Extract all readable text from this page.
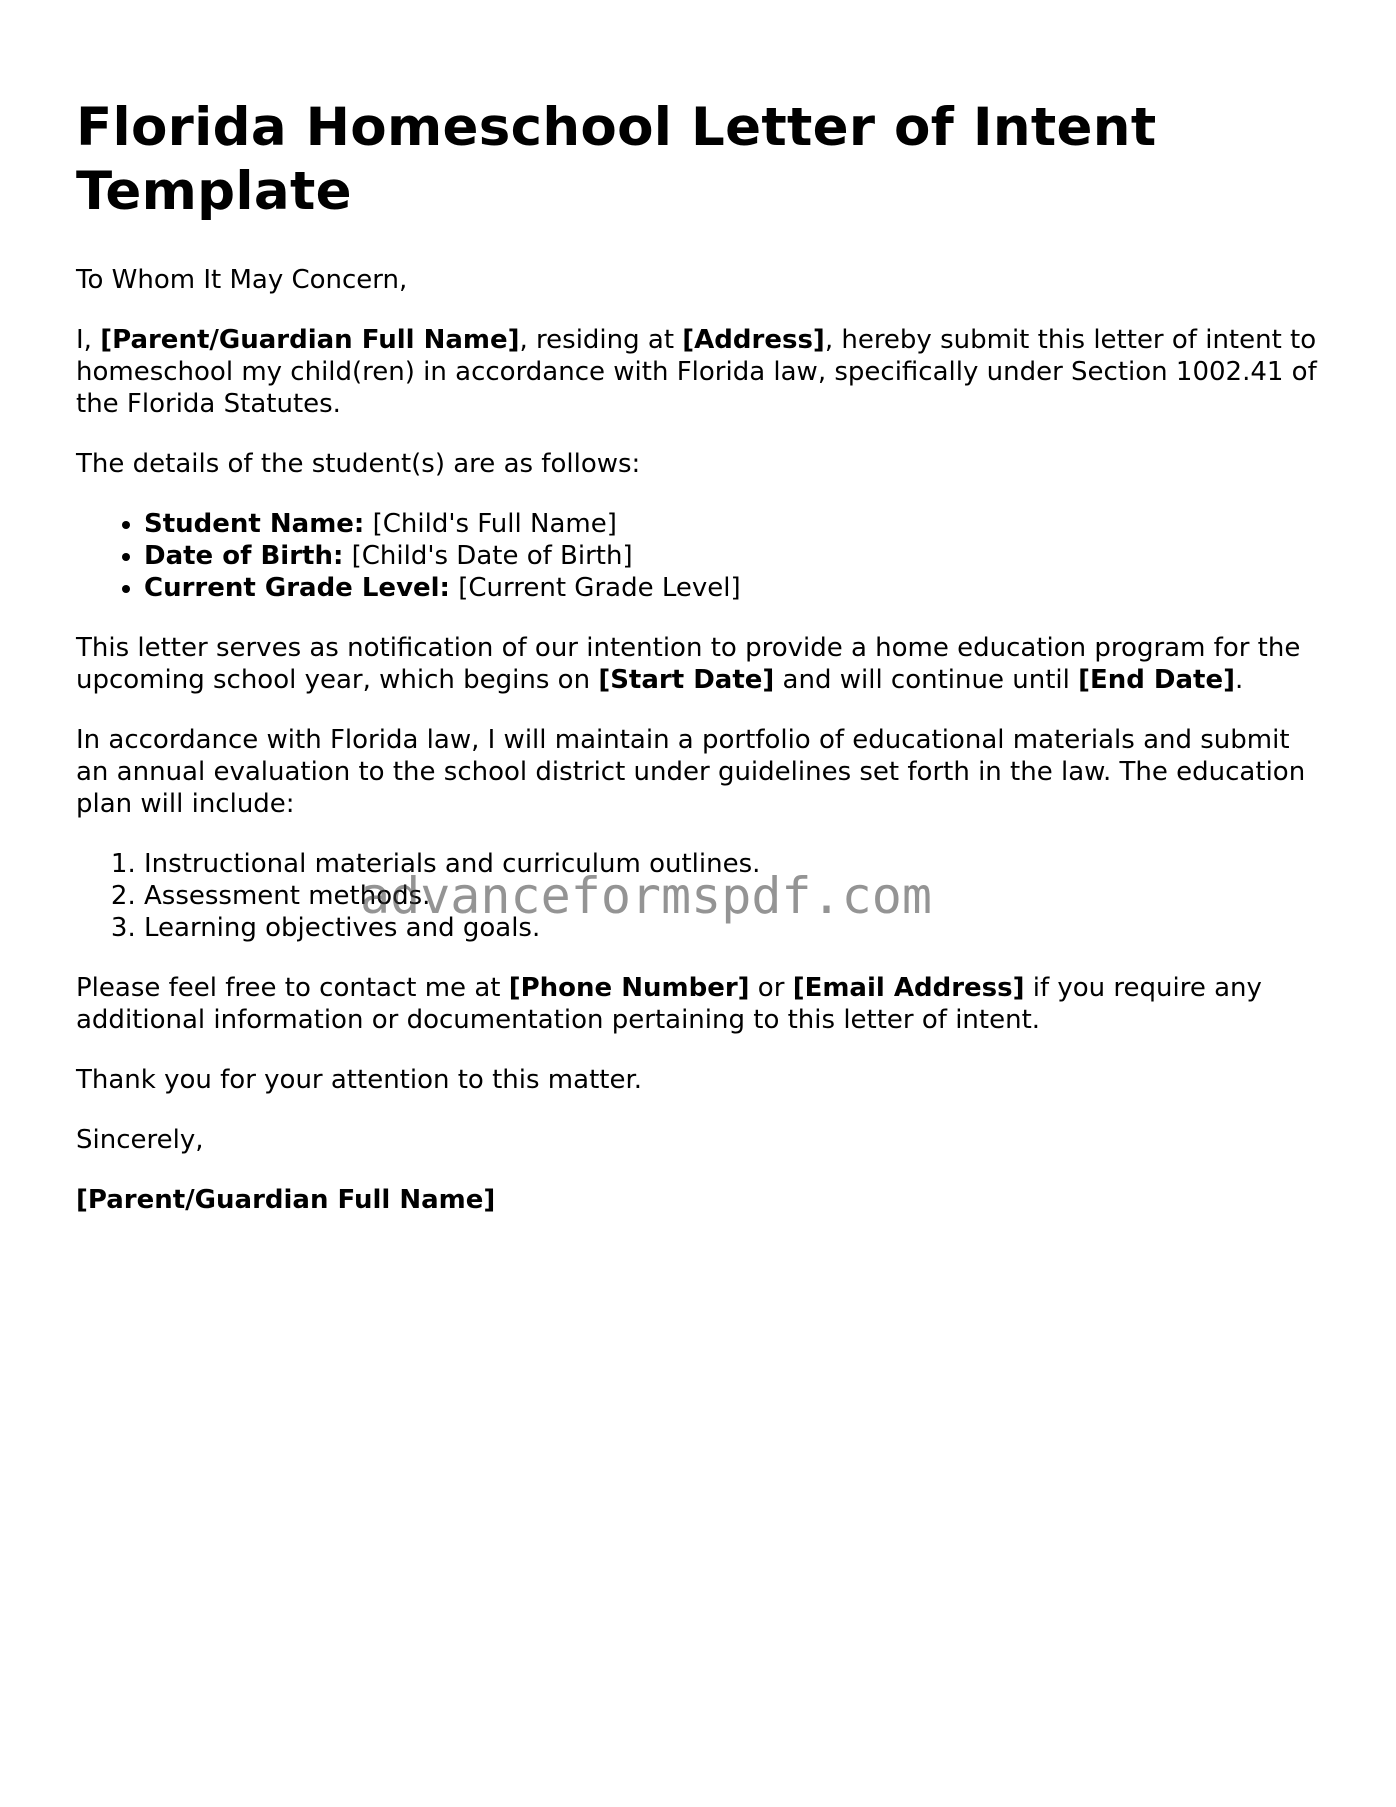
Florida Homeschool Letter of Intent Template

To Whom It May Concern,

I, [Parent/Guardian Full Name], residing at [Address], hereby submit this letter of intent to homeschool my child(ren) in accordance with Florida law, specifically under Section 1002.41 of the Florida Statutes.

The details of the student(s) are as follows:

• Student Name: [Child's Full Name]
• Date of Birth: [Child's Date of Birth]
• Current Grade Level: [Current Grade Level]

This letter serves as notification of our intention to provide a home education program for the upcoming school year, which begins on [Start Date] and will continue until [End Date].

In accordance with Florida law, I will maintain a portfolio of educational materials and submit an annual evaluation to the school district under guidelines set forth in the law. The education plan will include:

1. Instructional materials and curriculum outlines.
2. Assessment methods.
3. Learning objectives and goals.

Please feel free to contact me at [Phone Number] or [Email Address] if you require any additional information or documentation pertaining to this letter of intent.

Thank you for your attention to this matter.

Sincerely,

[Parent/Guardian Full Name]

advanceformspdf.com
